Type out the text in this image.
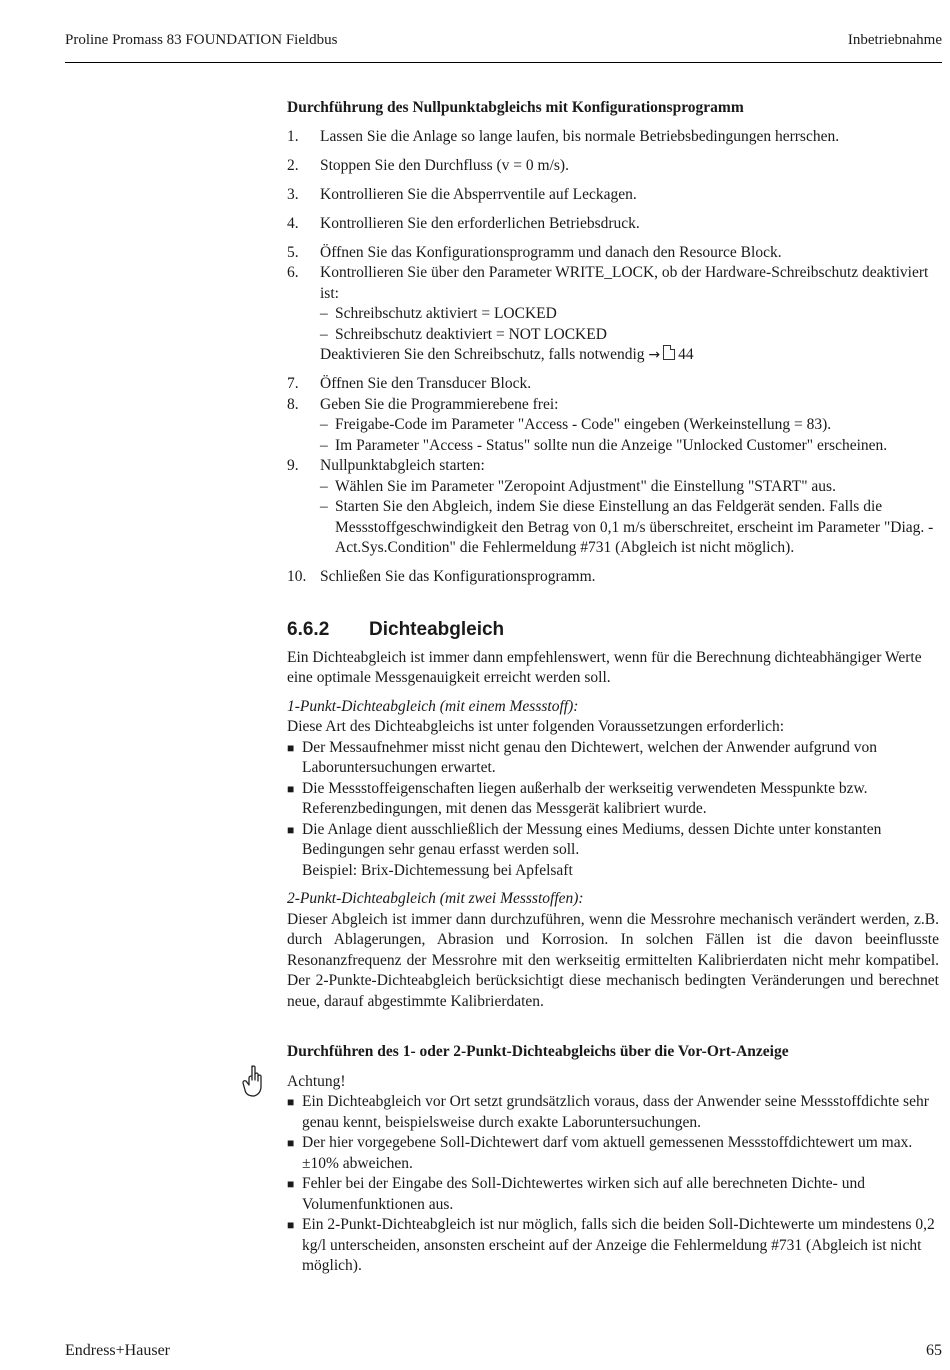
Proline Promass 83 FOUNDATION Fieldbus	Inbetriebnahme

Durchführung des Nullpunktabgleichs mit Konfigurationsprogramm

1. Lassen Sie die Anlage so lange laufen, bis normale Betriebsbedingungen herrschen.
2. Stoppen Sie den Durchfluss (v = 0 m/s).
3. Kontrollieren Sie die Absperrventile auf Leckagen.
4. Kontrollieren Sie den erforderlichen Betriebsdruck.
5. Öffnen Sie das Konfigurationsprogramm und danach den Resource Block.
6. Kontrollieren Sie über den Parameter WRITE_LOCK, ob der Hardware-Schreibschutz deaktiviert ist:
– Schreibschutz aktiviert = LOCKED
– Schreibschutz deaktiviert = NOT LOCKED
Deaktivieren Sie den Schreibschutz, falls notwendig → 44
7. Öffnen Sie den Transducer Block.
8. Geben Sie die Programmierebene frei:
– Freigabe-Code im Parameter "Access - Code" eingeben (Werkeinstellung = 83).
– Im Parameter "Access - Status" sollte nun die Anzeige "Unlocked Customer" erscheinen.
9. Nullpunktabgleich starten:
– Wählen Sie im Parameter "Zeropoint Adjustment" die Einstellung "START" aus.
– Starten Sie den Abgleich, indem Sie diese Einstellung an das Feldgerät senden. Falls die Messstoffgeschwindigkeit den Betrag von 0,1 m/s überschreitet, erscheint im Parameter "Diag. - Act.Sys.Condition" die Fehlermeldung #731 (Abgleich ist nicht möglich).
10. Schließen Sie das Konfigurationsprogramm.
6.6.2 Dichteabgleich

Ein Dichteabgleich ist immer dann empfehlenswert, wenn für die Berechnung dichteabhängiger Werte eine optimale Messgenauigkeit erreicht werden soll.

1-Punkt-Dichteabgleich (mit einem Messstoff):

Diese Art des Dichteabgleichs ist unter folgenden Voraussetzungen erforderlich:

■ Der Messaufnehmer misst nicht genau den Dichtewert, welchen der Anwender aufgrund von Laboruntersuchungen erwartet.
■ Die Messstoffeigenschaften liegen außerhalb der werkseitig verwendeten Messpunkte bzw. Referenzbedingungen, mit denen das Messgerät kalibriert wurde.
■ Die Anlage dient ausschließlich der Messung eines Mediums, dessen Dichte unter konstanten Bedingungen sehr genau erfasst werden soll.
Beispiel: Brix-Dichtemessung bei Apfelsaft

2-Punkt-Dichteabgleich (mit zwei Messstoffen):

Dieser Abgleich ist immer dann durchzuführen, wenn die Messrohre mechanisch verändert werden, z.B. durch Ablagerungen, Abrasion und Korrosion. In solchen Fällen ist die davon beeinflusste Resonanzfrequenz der Messrohre mit den werkseitig ermittelten Kalibrierdaten nicht mehr kompatibel. Der 2-Punkte-Dichteabgleich berücksichtigt diese mechanisch bedingten Veränderungen und berechnet neue, darauf abgestimmte Kalibrierdaten.

Durchführen des 1- oder 2-Punkt-Dichteabgleichs über die Vor-Ort-Anzeige

Achtung!

■ Ein Dichteabgleich vor Ort setzt grundsätzlich voraus, dass der Anwender seine Messstoffdichte sehr genau kennt, beispielsweise durch exakte Laboruntersuchungen.
■ Der hier vorgegebene Soll-Dichtewert darf vom aktuell gemessenen Messstoffdichtewert um max. ±10% abweichen.
■ Fehler bei der Eingabe des Soll-Dichtewertes wirken sich auf alle berechneten Dichte- und Volumenfunktionen aus.
■ Ein 2-Punkt-Dichteabgleich ist nur möglich, falls sich die beiden Soll-Dichtewerte um mindestens 0,2 kg/l unterscheiden, ansonsten erscheint auf der Anzeige die Fehlermeldung #731 (Abgleich ist nicht möglich).
Endress+Hauser	65
